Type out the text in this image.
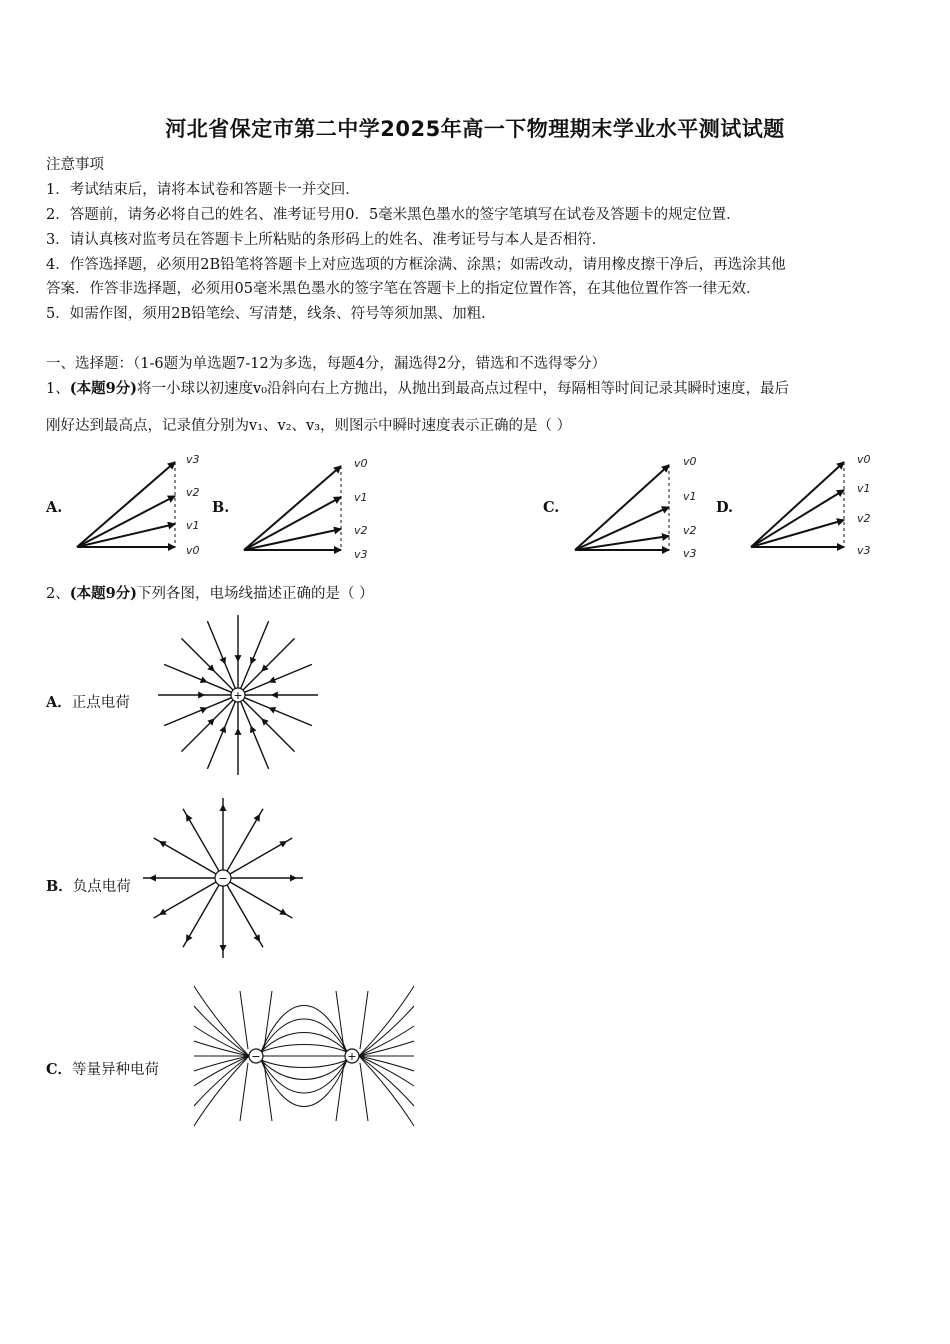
河北省保定市第二中学2025年高一下物理期末学业水平测试试题
注意事项
1．考试结束后，请将本试卷和答题卡一并交回．
2．答题前，请务必将自己的姓名、准考证号用0．5毫米黑色墨水的签字笔填写在试卷及答题卡的规定位置．
3．请认真核对监考员在答题卡上所粘贴的条形码上的姓名、准考证号与本人是否相符．
4．作答选择题，必须用2B铅笔将答题卡上对应选项的方框涂满、涂黑；如需改动，请用橡皮擦干净后，再选涂其他
答案．作答非选择题，必须用05毫米黑色墨水的签字笔在答题卡上的指定位置作答，在其他位置作答一律无效．
5．如需作图，须用2B铅笔绘、写清楚，线条、符号等须加黑、加粗．
一、选择题：（1-6题为单选题7-12为多选，每题4分，漏选得2分，错选和不选得零分）
1、(本题9分)将一小球以初速度v₀沿斜向右上方抛出，从抛出到最高点过程中，每隔相等时间记录其瞬时速度，最后
刚好达到最高点，记录值分别为v₁、v₂、v₃，则图示中瞬时速度表示正确的是（ ）
A.	B.	C.	D.
v3
v2
v1
v0
v0
v1
v2
v3
v0
v1
v2
v3
v0
v1
v2
v3
2、(本题9分)下列各图，电场线描述正确的是（ ）
A．正点电荷
B．负点电荷
C．等量异种电荷
+
−
−	+
